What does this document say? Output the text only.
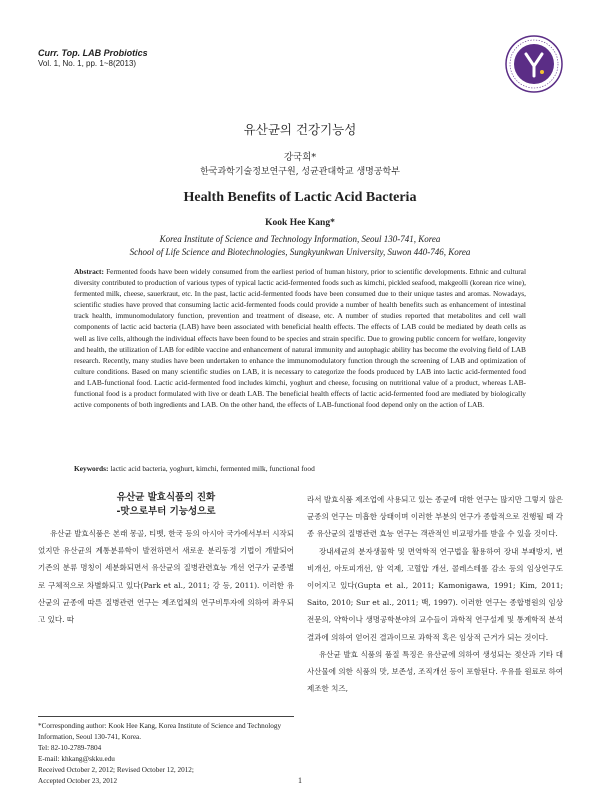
Curr. Top. LAB Probiotics
Vol. 1, No. 1, pp. 1~8(2013)
유산균의 건강기능성
강국희*
한국과학기술정보연구원, 성균관대학교 생명공학부
Health Benefits of Lactic Acid Bacteria
Kook Hee Kang*
Korea Institute of Science and Technology Information, Seoul 130-741, Korea
School of Life Science and Biotechnologies, Sungkyunkwan University, Suwon 440-746, Korea
Abstract: Fermented foods have been widely consumed from the earliest period of human history, prior to scientific developments. Ethnic and cultural diversity contributed to production of various types of typical lactic acid-fermented foods such as kimchi, pickled seafood, makgeolli (korean rice wine), fermented milk, cheese, sauerkraut, etc. In the past, lactic acid-fermented foods have been consumed due to their unique tastes and aromas. Nowadays, scientific studies have proved that consuming lactic acid-fermented foods could provide a number of health benefits such as enhancement of intestinal track health, immunomodulatory function, prevention and treatment of disease, etc. A number of studies reported that metabolites and cell wall components of lactic acid bacteria (LAB) have been associated with beneficial health effects. The effects of LAB could be mediated by death cells as well as live cells, although the individual effects have been found to be species and strain specific. Due to growing public concern for welfare, longevity and health, the utilization of LAB for edible vaccine and enhancement of natural immunity and autophagic ability has become the evolving field of LAB research. Recently, many studies have been undertaken to enhance the immunomodulatory function through the screening of LAB and optimization of culture conditions. Based on many scientific studies on LAB, it is necessary to categorize the foods produced by LAB into lactic acid-fermented food and LAB-functional food. Lactic acid-fermented food includes kimchi, yoghurt and cheese, focusing on nutritional value of a product, whereas LAB-functional food is a product formulated with live or death LAB. The beneficial health effects of lactic acid-fermented food are mediated by biologically active components of both ingredients and LAB. On the other hand, the effects of LAB-functional food depend only on the action of LAB.
Keywords: lactic acid bacteria, yoghurt, kimchi, fermented milk, functional food
유산균 발효식품의 진화
-맛으로부터 기능성으로
유산균 발효식품은 본래 몽골, 티벳, 한국 등의 아시아 국가에서부터 시작되었지만 유산균의 계통분류학이 발전하면서 새로운 분리동정 기법이 개발되어 기존의 분류 명칭이 세분화되면서 유산균의 질병관련효능 개선 연구가 균종별로 구체적으로 차별화되고 있다(Park et al., 2011; 강 등, 2011). 이러한 유산균의 균종에 따른 질병관련 연구는 제조업체의 연구비투자에 의하여 좌우되고 있다. 따
라서 발효식품 제조업에 사용되고 있는 종균에 대한 연구는 많지만 그렇지 않은 균종의 연구는 미흡한 상태이며 이러한 부분의 연구가 종합적으로 진행될 때 각종 유산균의 질병관련 효능 연구는 객관적인 비교평가를 받을 수 있을 것이다.
장내세균의 분자생물학 및 면역학적 연구법을 활용하여 장내 부패방지, 변비개선, 아토피개선, 암 억제, 고혈압 개선, 콜레스테롤 감소 등의 임상연구도 이어지고 있다(Gupta et al., 2011; Kamonigawa, 1991; Kim, 2011; Saito, 2010; Sur et al., 2011; 백, 1997). 이러한 연구는 종합병원의 임상 전문의, 약학이나 생명공학분야의 교수들이 과학적 연구설계 및 통계학적 분석 결과에 의하여 얻어진 결과이므로 과학적 혹은 임상적 근거가 되는 것이다.
유산균 발효 식품의 품질 특징은 유산균에 의하여 생성되는 젖산과 기타 대사산물에 의한 식품의 맛, 보존성, 조직개선 등이 포함된다. 우유를 원료로 하여 제조한 치즈,
*Corresponding author: Kook Hee Kang, Korea Institute of Science and Technology Information, Seoul 130-741, Korea.
Tel: 82-10-2789-7804
E-mail: khkang@skku.edu
Received October 2, 2012; Revised October 12, 2012;
Accepted October 23, 2012	1
